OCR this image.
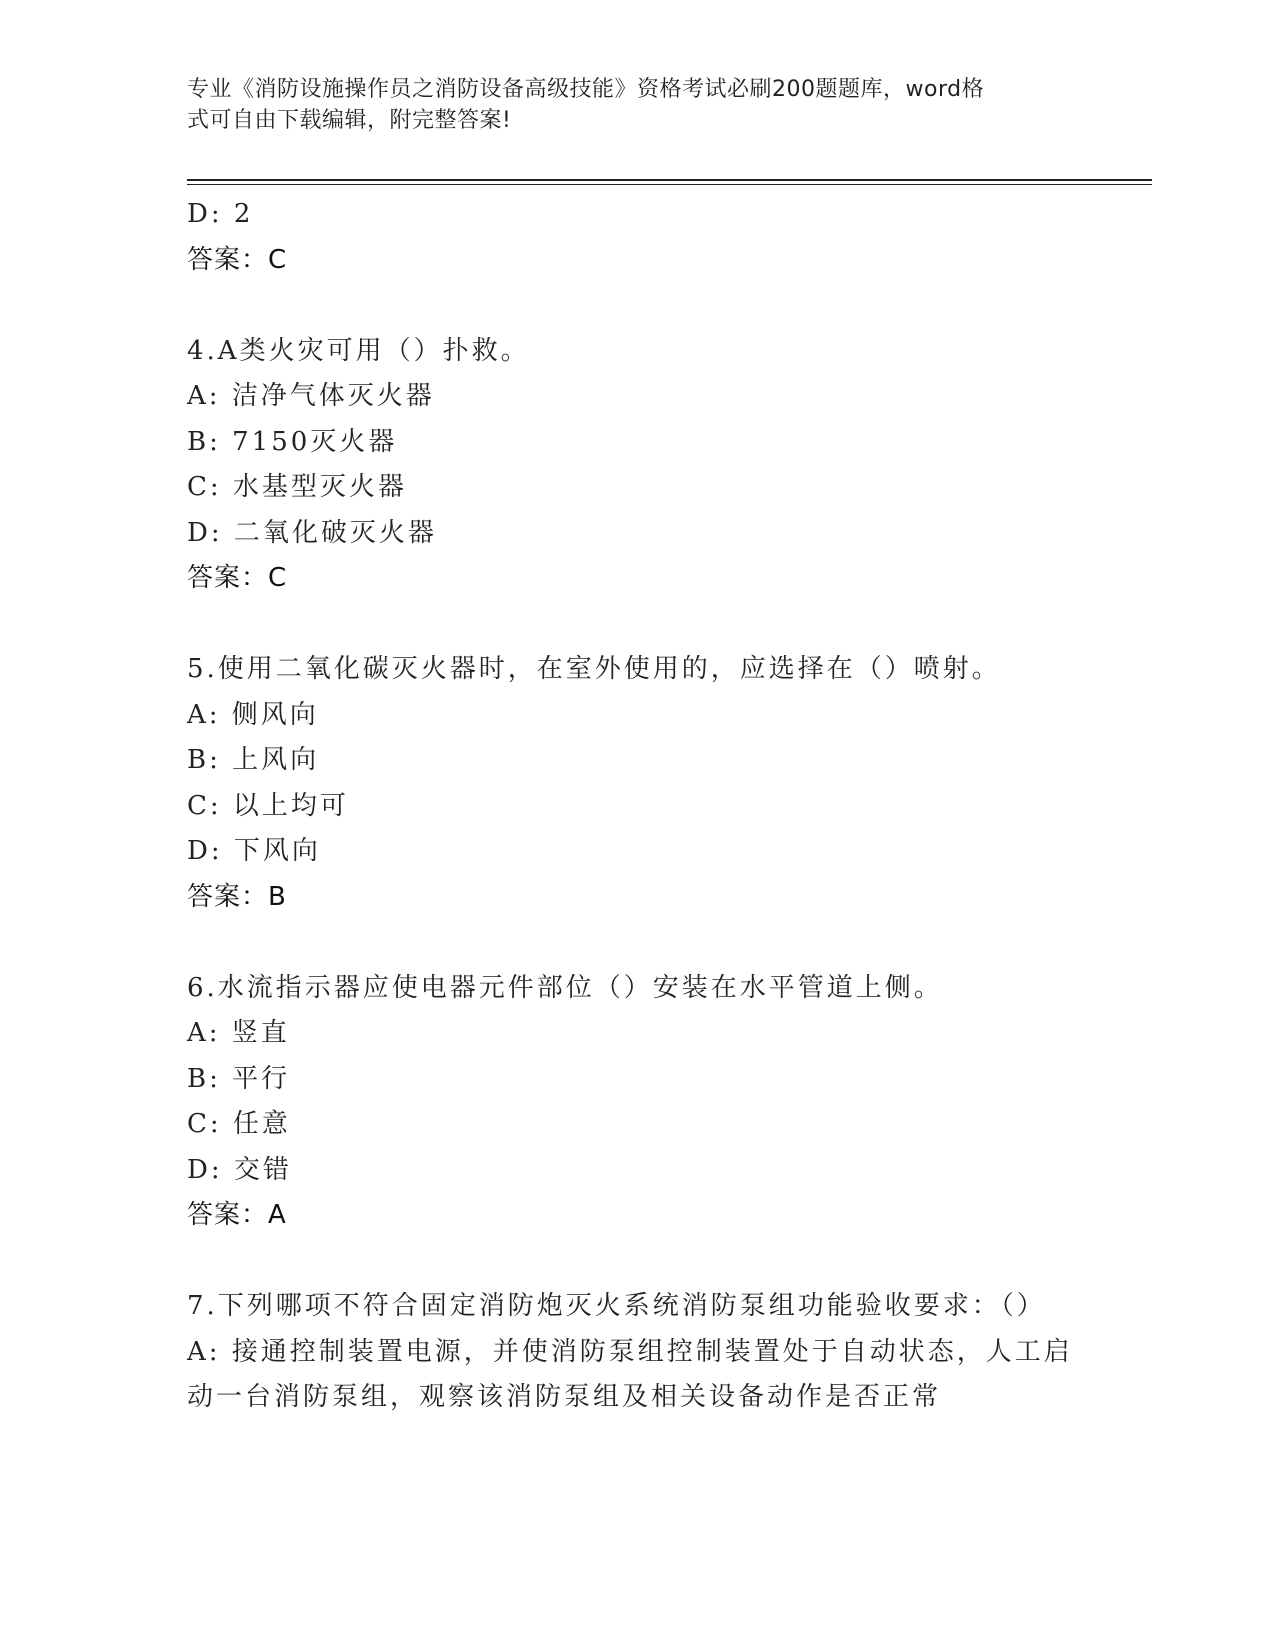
专业《消防设施操作员之消防设备高级技能》资格考试必刷200题题库，word格
式可自由下载编辑，附完整答案!
D: 2
答案：C
4.A类火灾可用（）扑救。
A: 洁净气体灭火器
B: 7150灭火器
C: 水基型灭火器
D: 二氧化破灭火器
答案：C
5.使用二氧化碳灭火器时，在室外使用的，应选择在（）喷射。
A: 侧风向
B: 上风向
C: 以上均可
D: 下风向
答案：B
6.水流指示器应使电器元件部位（）安装在水平管道上侧。
A: 竖直
B: 平行
C: 任意
D: 交错
答案：A
7.下列哪项不符合固定消防炮灭火系统消防泵组功能验收要求：（）
A: 接通控制装置电源，并使消防泵组控制装置处于自动状态，人工启
动一台消防泵组，观察该消防泵组及相关设备动作是否正常
